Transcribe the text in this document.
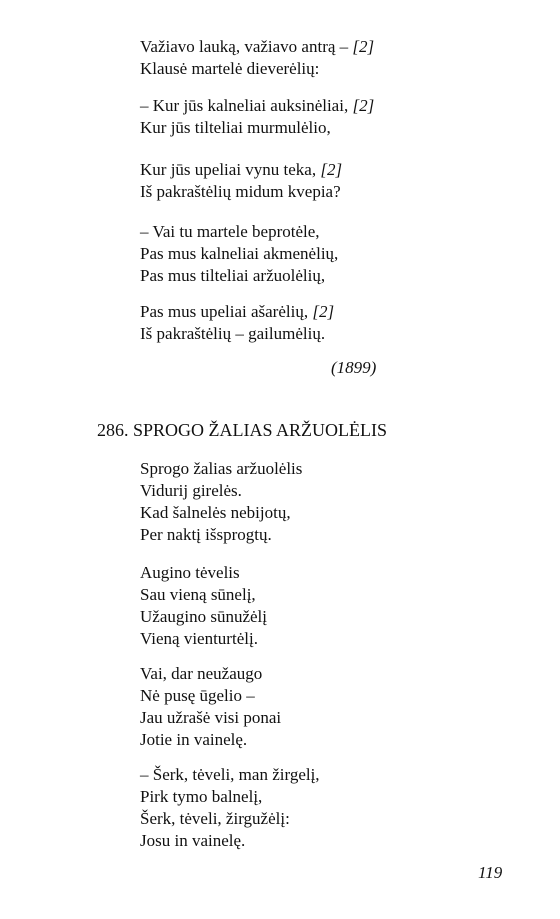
Važiavo lauką, važiavo antrą – [2]
Klausė martelė dieverėlių:
– Kur jūs kalneliai auksinėliai, [2]
Kur jūs tilteliai murmulėlio,
Kur jūs upeliai vynu teka, [2]
Iš pakraštėlių midum kvepia?
– Vai tu martele beprotėle,
Pas mus kalneliai akmenėlių,
Pas mus tilteliai aržuolėlių,
Pas mus upeliai ašarėlių, [2]
Iš pakraštėlių – gailumėlių.
(1899)
286. SPROGO ŽALIAS ARŽUOLĖLIS
Sprogo žalias aržuolėlis
Vidurij girelės.
Kad šalnelės nebijotų,
Per naktį išsprogtų.
Augino tėvelis
Sau vieną sūnelį,
Užaugino sūnužėlį
Vieną vienturtėlį.
Vai, dar neužaugo
Nė pusę ūgelio –
Jau užrašė visi ponai
Jotie in vainelę.
– Šerk, tėveli, man žirgelį,
Pirk tymo balnelį,
Šerk, tėveli, žirgužėlį:
Josu in vainelę.
119
